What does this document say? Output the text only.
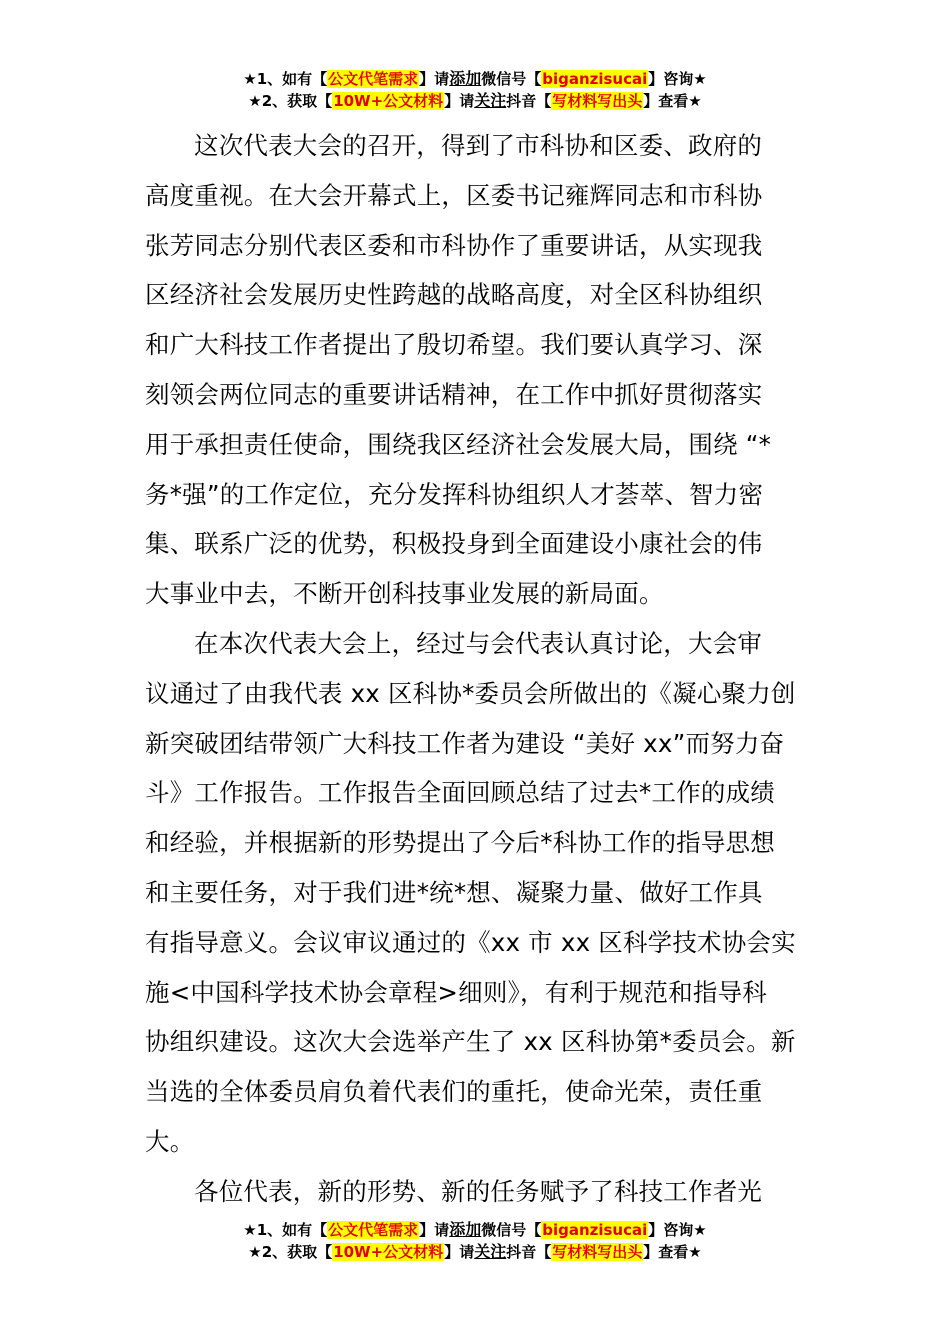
★1、如有【公文代笔需求】请添加微信号【biganzisucai】咨询★
★2、获取【10W+公文材料】请关注抖音【写材料写出头】查看★
这次代表大会的召开，得到了市科协和区委、政府的
高度重视。在大会开幕式上，区委书记雍辉同志和市科协
张芳同志分别代表区委和市科协作了重要讲话，从实现我
区经济社会发展历史性跨越的战略高度，对全区科协组织
和广大科技工作者提出了殷切希望。我们要认真学习、深
刻领会两位同志的重要讲话精神，在工作中抓好贯彻落实
用于承担责任使命，围绕我区经济社会发展大局，围绕 “*
务*强”的工作定位，充分发挥科协组织人才荟萃、智力密
集、联系广泛的优势，积极投身到全面建设小康社会的伟
大事业中去，不断开创科技事业发展的新局面。
在本次代表大会上，经过与会代表认真讨论，大会审
议通过了由我代表 xx 区科协*委员会所做出的《凝心聚力创
新突破团结带领广大科技工作者为建设 “美好 xx”而努力奋
斗》工作报告。工作报告全面回顾总结了过去*工作的成绩
和经验，并根据新的形势提出了今后*科协工作的指导思想
和主要任务，对于我们进*统*想、凝聚力量、做好工作具
有指导意义。会议审议通过的《xx 市 xx 区科学技术协会实
施<中国科学技术协会章程>细则》，有利于规范和指导科
协组织建设。这次大会选举产生了 xx 区科协第*委员会。新
当选的全体委员肩负着代表们的重托，使命光荣，责任重
大。
各位代表，新的形势、新的任务赋予了科技工作者光
★1、如有【公文代笔需求】请添加微信号【biganzisucai】咨询★
★2、获取【10W+公文材料】请关注抖音【写材料写出头】查看★
